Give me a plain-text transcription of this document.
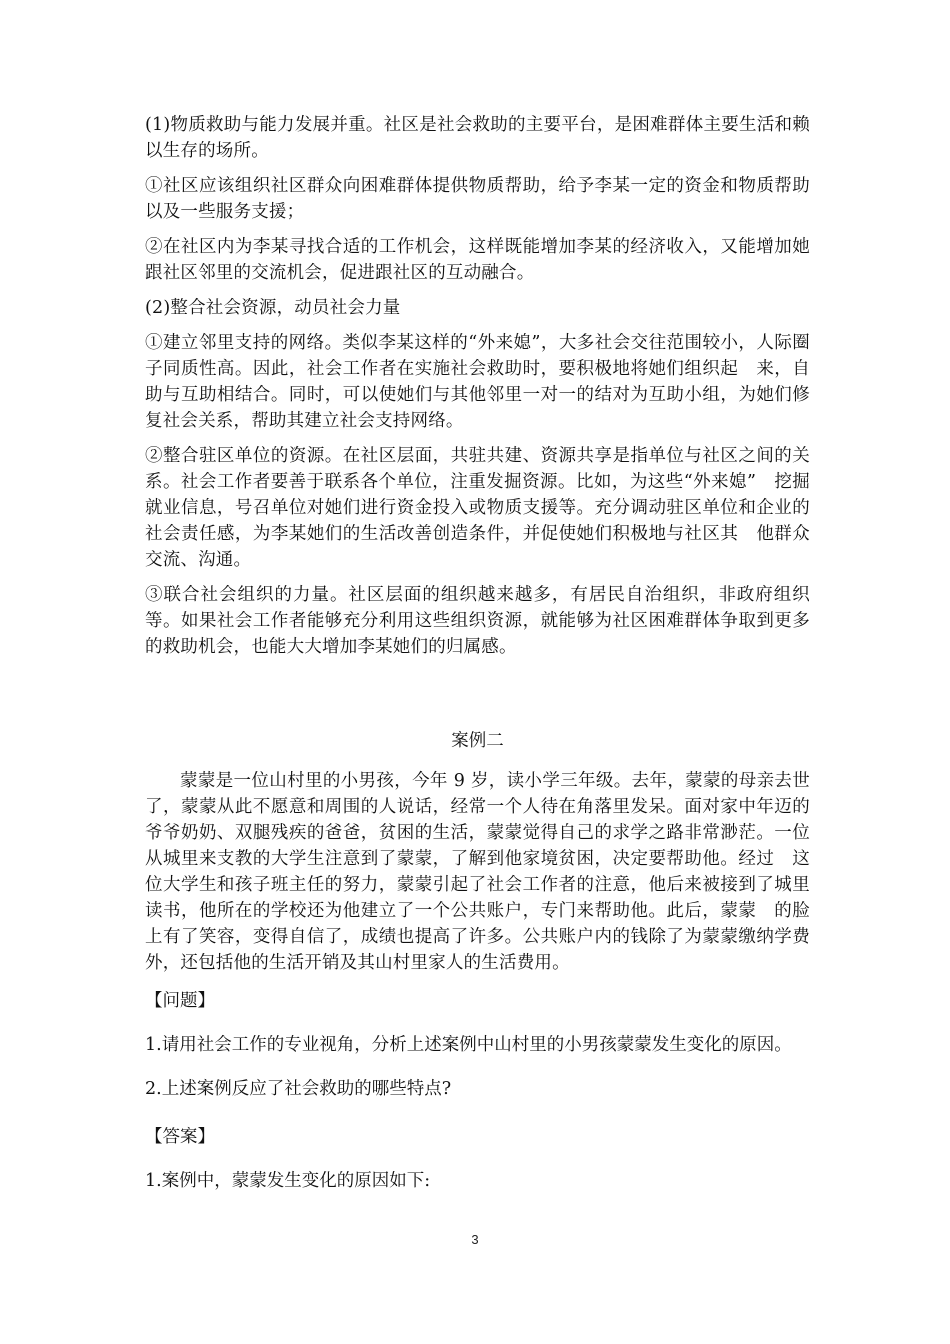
(1)物质救助与能力发展并重。社区是社会救助的主要平台，是困难群体主要生活和赖以生存的场所。

①社区应该组织社区群众向困难群体提供物质帮助，给予李某一定的资金和物质帮助以及一些服务支援；

②在社区内为李某寻找合适的工作机会，这样既能增加李某的经济收入，又能增加她跟社区邻里的交流机会，促进跟社区的互动融合。

(2)整合社会资源，动员社会力量

①建立邻里支持的网络。类似李某这样的“外来媳”，大多社会交往范围较小，人际圈子同质性高。因此，社会工作者在实施社会救助时，要积极地将她们组织起　来，自助与互助相结合。同时，可以使她们与其他邻里一对一的结对为互助小组，为她们修复社会关系，帮助其建立社会支持网络。

②整合驻区单位的资源。在社区层面，共驻共建、资源共享是指单位与社区之间的关系。社会工作者要善于联系各个单位，注重发掘资源。比如，为这些“外来媳”　挖掘就业信息，号召单位对她们进行资金投入或物质支援等。充分调动驻区单位和企业的社会责任感，为李某她们的生活改善创造条件，并促使她们积极地与社区其　他群众交流、沟通。

③联合社会组织的力量。社区层面的组织越来越多，有居民自治组织，非政府组织等。如果社会工作者能够充分利用这些组织资源，就能够为社区困难群体争取到更多的救助机会，也能大大增加李某她们的归属感。

案例二

蒙蒙是一位山村里的小男孩，今年 9 岁，读小学三年级。去年，蒙蒙的母亲去世了，蒙蒙从此不愿意和周围的人说话，经常一个人待在角落里发呆。面对家中年迈的　爷爷奶奶、双腿残疾的爸爸，贫困的生活，蒙蒙觉得自己的求学之路非常渺茫。一位从城里来支教的大学生注意到了蒙蒙，了解到他家境贫困，决定要帮助他。经过　这位大学生和孩子班主任的努力，蒙蒙引起了社会工作者的注意，他后来被接到了城里读书，他所在的学校还为他建立了一个公共账户，专门来帮助他。此后，蒙蒙　的脸上有了笑容，变得自信了，成绩也提高了许多。公共账户内的钱除了为蒙蒙缴纳学费外，还包括他的生活开销及其山村里家人的生活费用。

【问题】

1.请用社会工作的专业视角，分析上述案例中山村里的小男孩蒙蒙发生变化的原因。

2.上述案例反应了社会救助的哪些特点?

【答案】

1.案例中，蒙蒙发生变化的原因如下:

3
